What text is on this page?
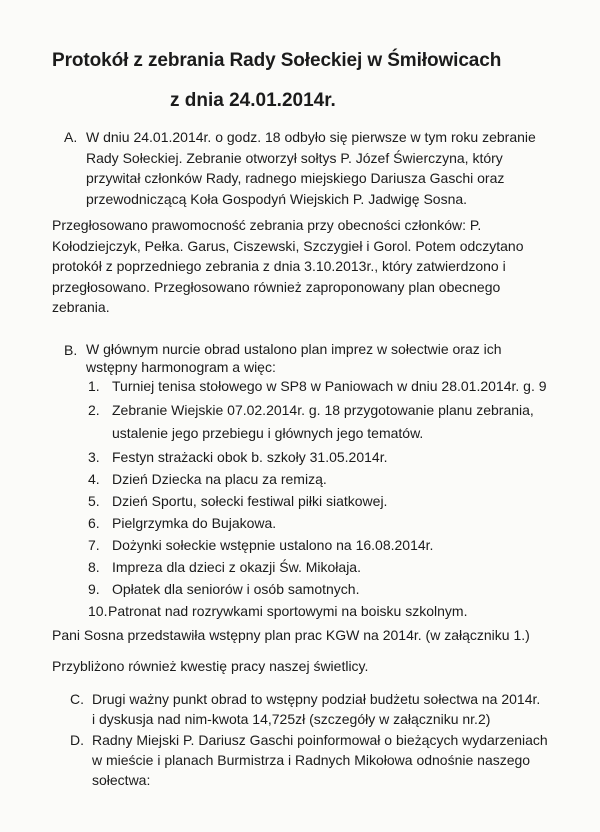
Protokół z zebrania Rady Sołeckiej w Śmiłowicach
z dnia 24.01.2014r.
A. W dniu 24.01.2014r. o godz. 18 odbyło się pierwsze w tym roku zebranie

Rady Sołeckiej. Zebranie otworzył sołtys P. Józef Świerczyna, który

przywitał członków Rady, radnego miejskiego Dariusza Gaschi oraz

przewodniczącą Koła Gospodyń Wiejskich P. Jadwigę Sosna.

Przegłosowano prawomocność zebrania przy obecności członków: P.

Kołodziejczyk, Pełka. Garus, Ciszewski, Szczygieł i Gorol. Potem odczytano

protokół z poprzedniego zebrania z dnia 3.10.2013r., który zatwierdzono i

przegłosowano. Przegłosowano również zaproponowany plan obecnego

zebrania.

B. W głównym nurcie obrad ustalono plan imprez w sołectwie oraz ich

wstępny harmonogram a więc:

1. Turniej tenisa stołowego w SP8 w Paniowach w dniu 28.01.2014r. g. 9
2. Zebranie Wiejskie 07.02.2014r. g. 18 przygotowanie planu zebrania,
ustalenie jego przebiegu i głównych jego tematów.
3. Festyn strażacki obok b. szkoły 31.05.2014r.
4. Dzień Dziecka na placu za remizą.
5. Dzień Sportu, sołecki festiwal piłki siatkowej.
6. Pielgrzymka do Bujakowa.
7. Dożynki sołeckie wstępnie ustalono na 16.08.2014r.
8. Impreza dla dzieci z okazji Św. Mikołaja.
9. Opłatek dla seniorów i osób samotnych.
10.Patronat nad rozrywkami sportowymi na boisku szkolnym.

Pani Sosna przedstawiła wstępny plan prac KGW na 2014r. (w załączniku 1.)

Przybliżono również kwestię pracy naszej świetlicy.

C. Drugi ważny punkt obrad to wstępny podział budżetu sołectwa na 2014r.

i dyskusja nad nim-kwota 14,725zł (szczegóły w załączniku nr.2)

D. Radny Miejski P. Dariusz Gaschi poinformował o bieżących wydarzeniach

w mieście i planach Burmistrza i Radnych Mikołowa odnośnie naszego

sołectwa:
